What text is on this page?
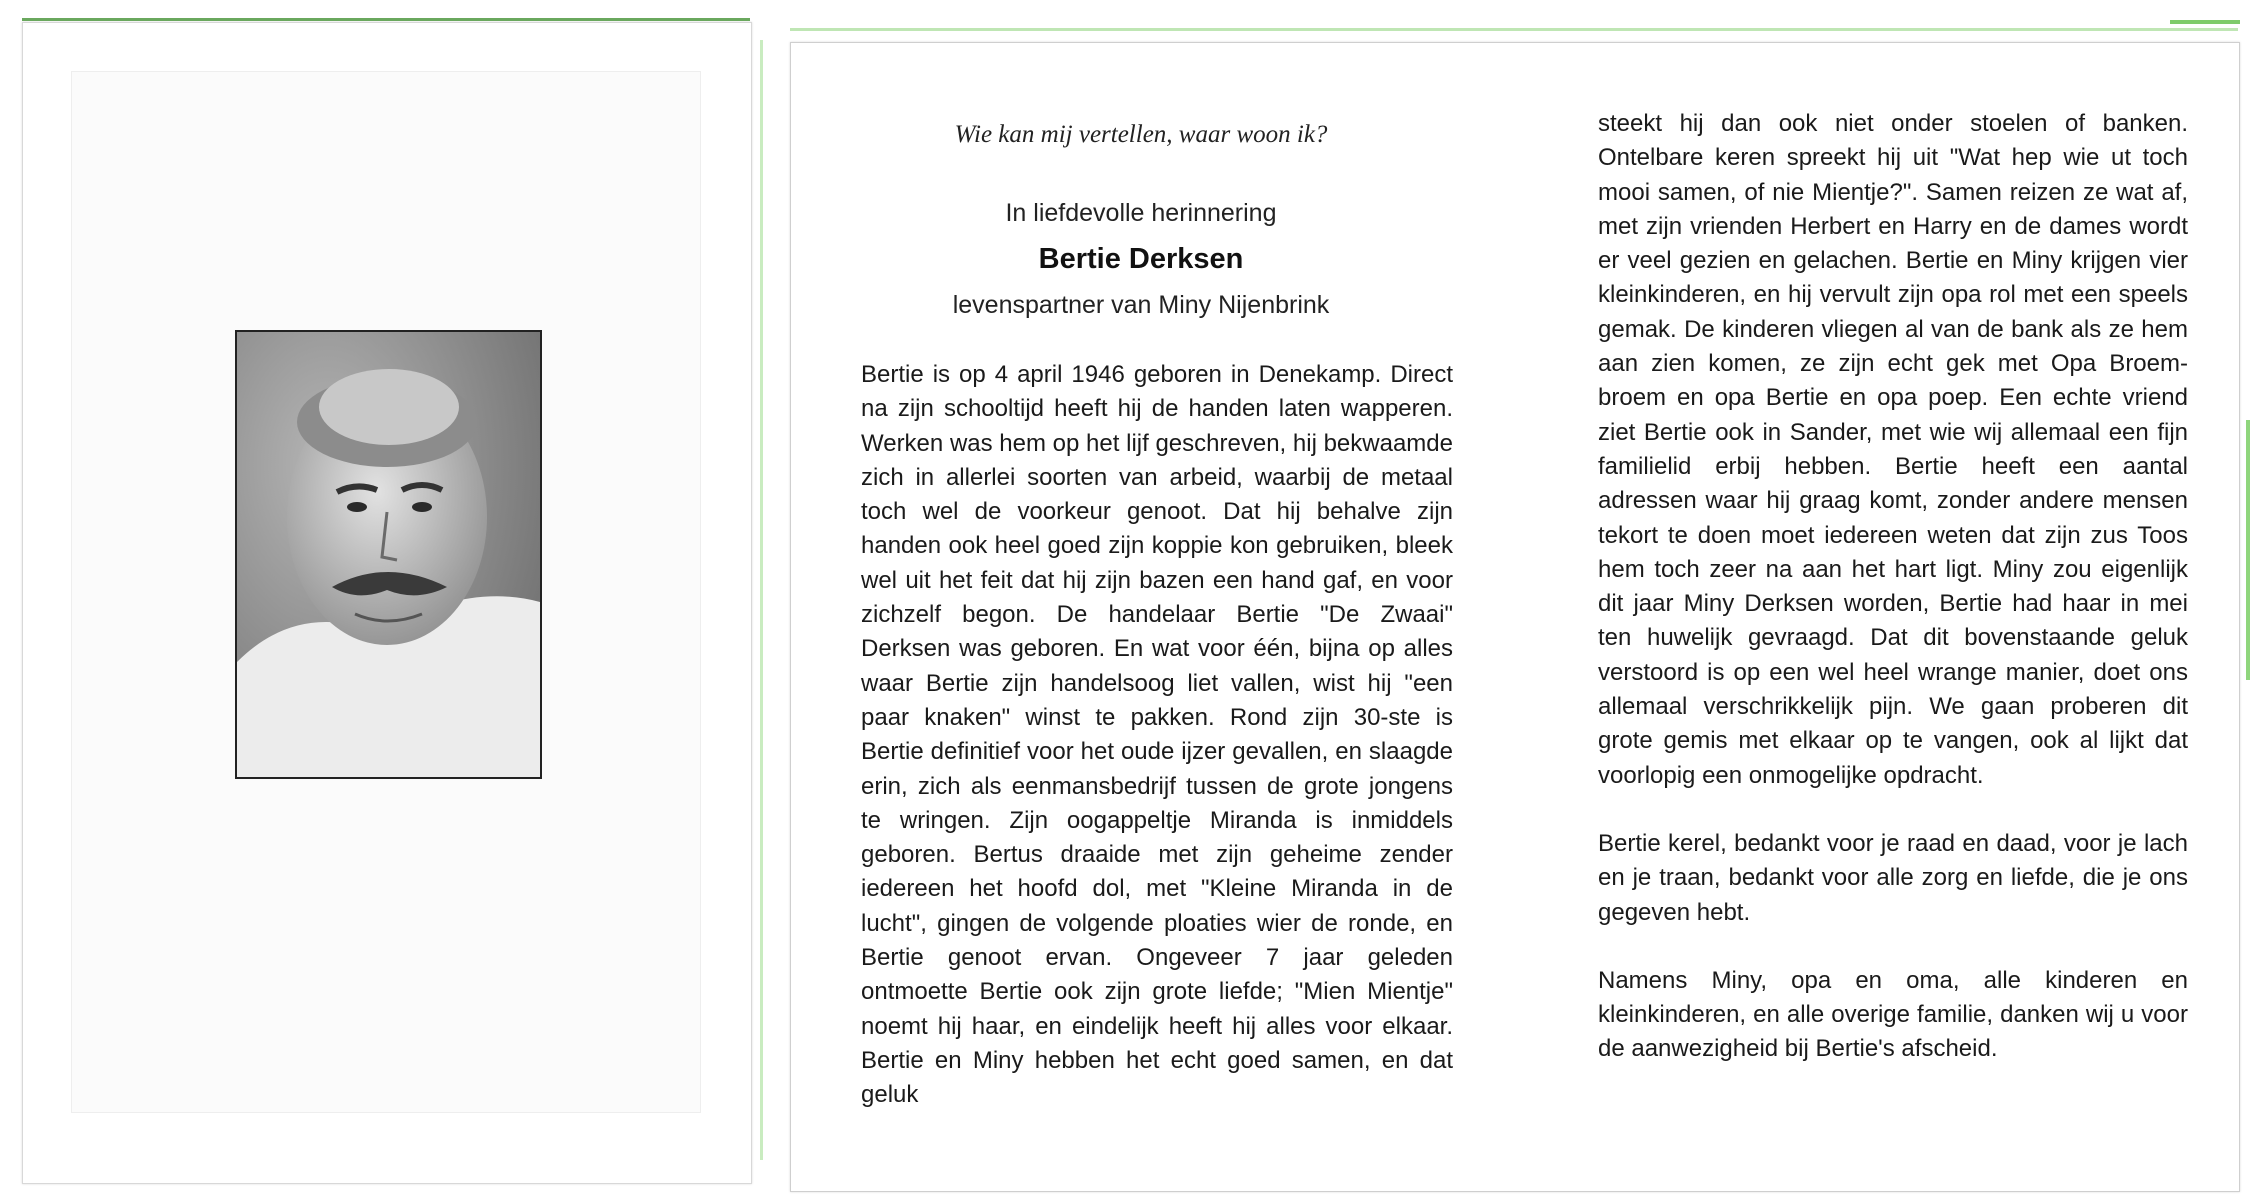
Wie kan mij vertellen, waar woon ik?
In liefdevolle herinnering
Bertie Derksen
levenspartner van Miny Nijenbrink

Bertie is op 4 april 1946 geboren in Denekamp. Direct na zijn schooltijd heeft hij de handen laten wapperen. Werken was hem op het lijf geschreven, hij bekwaamde zich in allerlei soorten van arbeid, waarbij de metaal toch wel de voorkeur genoot. Dat hij behalve zijn handen ook heel goed zijn koppie kon gebruiken, bleek wel uit het feit dat hij zijn bazen een hand gaf, en voor zichzelf begon. De handelaar Bertie "De Zwaai" Derksen was geboren. En wat voor één, bijna op alles waar Bertie zijn handelsoog liet vallen, wist hij "een paar knaken" winst te pakken. Rond zijn 30-ste is Bertie definitief voor het oude ijzer gevallen, en slaagde erin, zich als eenmansbedrijf tussen de grote jongens te wringen. Zijn oogappeltje Miranda is inmiddels geboren. Bertus draaide met zijn geheime zender iedereen het hoofd dol, met "Kleine Miranda in de lucht", gingen de volgende ploaties wier de ronde, en Bertie genoot ervan. Ongeveer 7 jaar geleden ontmoette Bertie ook zijn grote liefde; "Mien Mientje" noemt hij haar, en eindelijk heeft hij alles voor elkaar. Bertie en Miny hebben het echt goed samen, en dat geluk

steekt hij dan ook niet onder stoelen of banken. Ontelbare keren spreekt hij uit "Wat hep wie ut toch mooi samen, of nie Mientje?". Samen reizen ze wat af, met zijn vrienden Herbert en Harry en de dames wordt er veel gezien en gelachen. Bertie en Miny krijgen vier kleinkinderen, en hij vervult zijn opa rol met een speels gemak. De kinderen vliegen al van de bank als ze hem aan zien komen, ze zijn echt gek met Opa Broem-broem en opa Bertie en opa poep. Een echte vriend ziet Bertie ook in Sander, met wie wij allemaal een fijn familielid erbij hebben. Bertie heeft een aantal adressen waar hij graag komt, zonder andere mensen tekort te doen moet iedereen weten dat zijn zus Toos hem toch zeer na aan het hart ligt. Miny zou eigenlijk dit jaar Miny Derksen worden, Bertie had haar in mei ten huwelijk gevraagd. Dat dit bovenstaande geluk verstoord is op een wel heel wrange manier, doet ons allemaal verschrikkelijk pijn. We gaan proberen dit grote gemis met elkaar op te vangen, ook al lijkt dat voorlopig een onmogelijke opdracht.

Bertie kerel, bedankt voor je raad en daad, voor je lach en je traan, bedankt voor alle zorg en liefde, die je ons gegeven hebt.

Namens Miny, opa en oma, alle kinderen en kleinkinderen, en alle overige familie, danken wij u voor de aanwezigheid bij Bertie's afscheid.
